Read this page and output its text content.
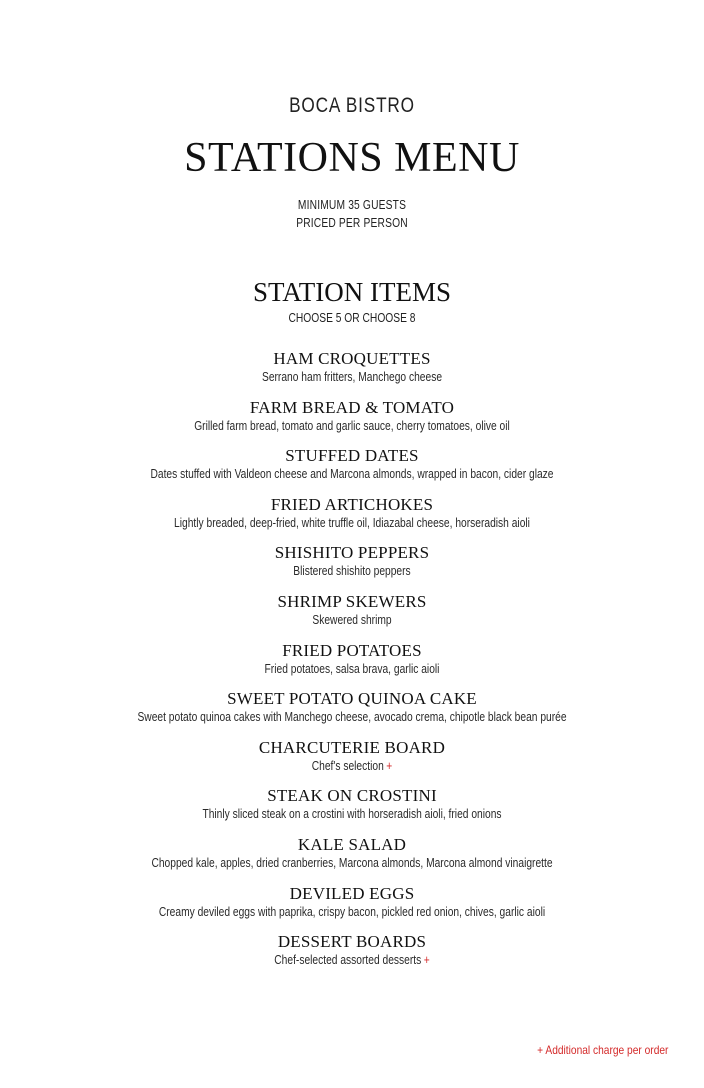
BOCA BISTRO
STATIONS MENU
MINIMUM 35 GUESTS
PRICED PER PERSON
STATION ITEMS
CHOOSE 5 OR CHOOSE 8
HAM CROQUETTES
Serrano ham fritters, Manchego cheese
FARM BREAD & TOMATO
Grilled farm bread, tomato and garlic sauce, cherry tomatoes, olive oil
STUFFED DATES
Dates stuffed with Valdeon cheese and Marcona almonds, wrapped in bacon, cider glaze
FRIED ARTICHOKES
Lightly breaded, deep-fried, white truffle oil, Idiazabal cheese, horseradish aioli
SHISHITO PEPPERS
Blistered shishito peppers
SHRIMP SKEWERS
Skewered shrimp
FRIED POTATOES
Fried potatoes, salsa brava, garlic aioli
SWEET POTATO QUINOA CAKE
Sweet potato quinoa cakes with Manchego cheese, avocado crema, chipotle black bean purée
CHARCUTERIE BOARD
Chef's selection +
STEAK ON CROSTINI
Thinly sliced steak on a crostini with horseradish aioli, fried onions
KALE SALAD
Chopped kale, apples, dried cranberries, Marcona almonds, Marcona almond vinaigrette
DEVILED EGGS
Creamy deviled eggs with paprika, crispy bacon, pickled red onion, chives, garlic aioli
DESSERT BOARDS
Chef-selected assorted desserts +
+ Additional charge per order
